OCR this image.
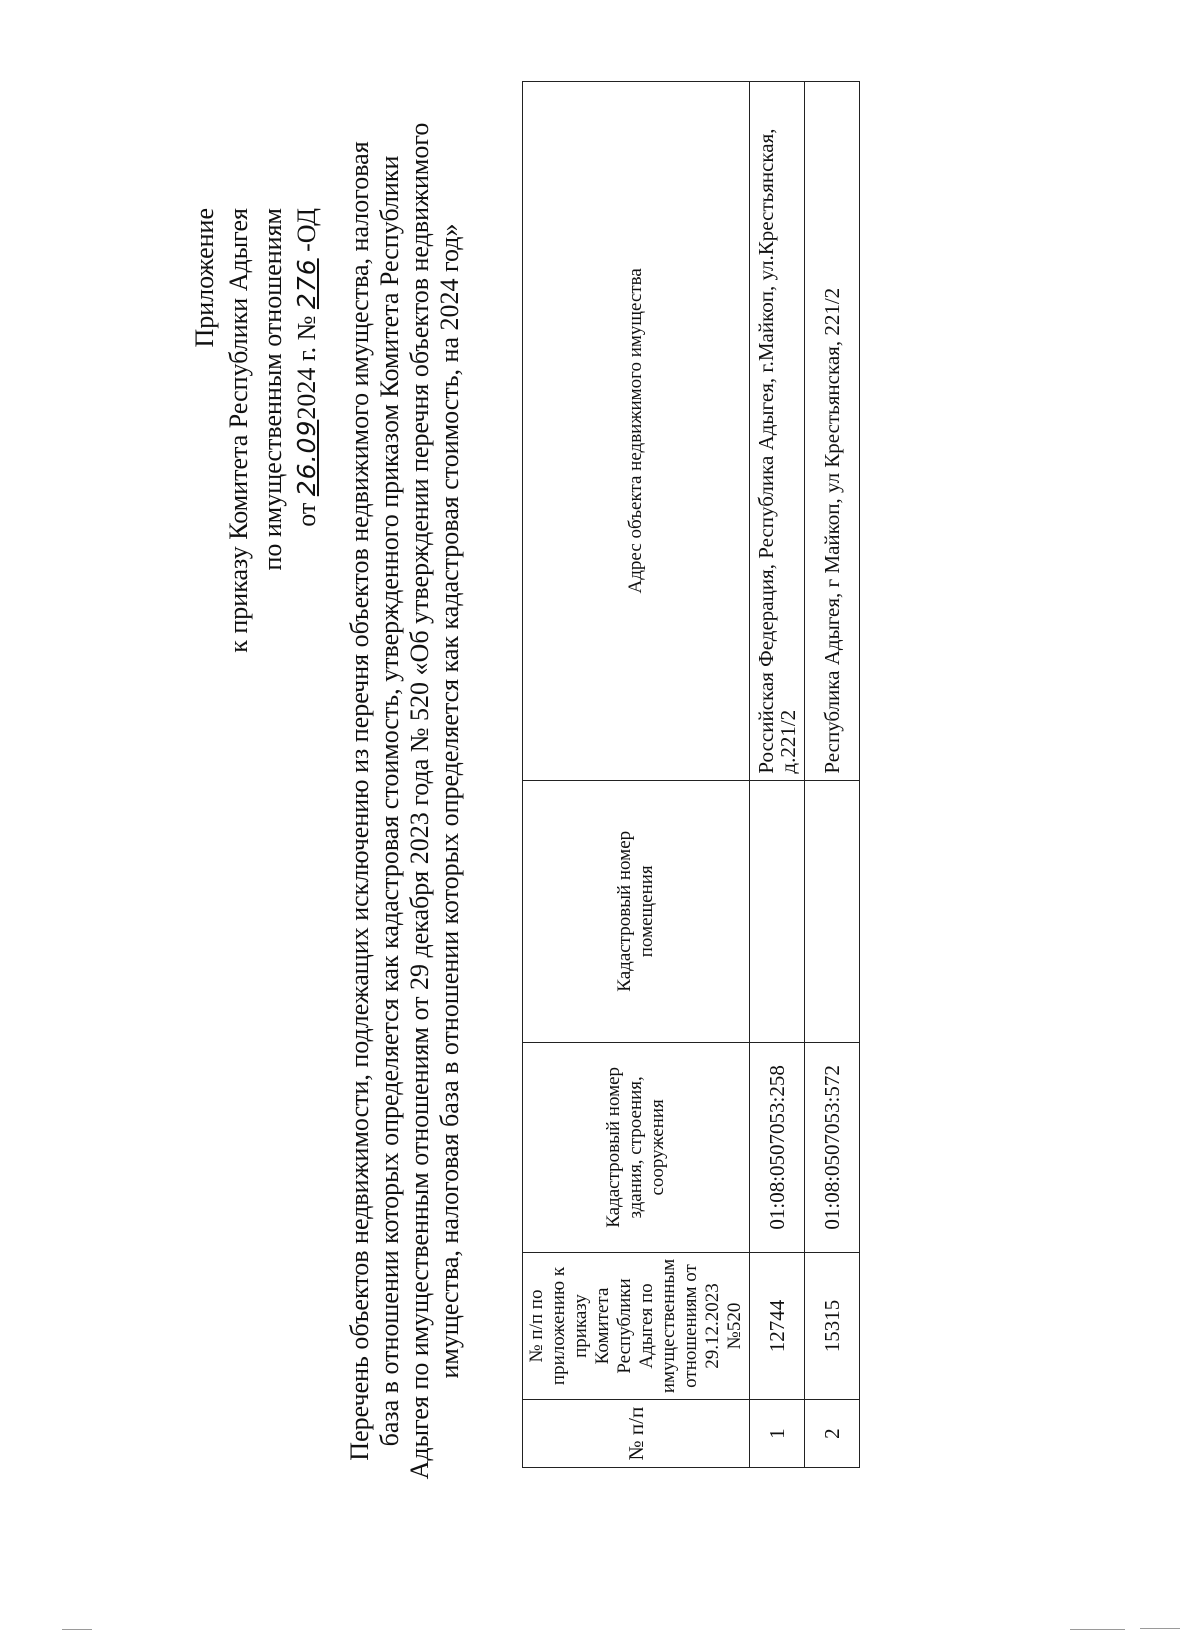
Приложение к приказу Комитета Республики Адыгея по имущественным отношениям от 26.092024 г. № 276 -ОД Перечень объектов недвижимости, подлежащих исключению из перечня объектов недвижимого имущества, налоговая база в отношении которых определяется как кадастровая стоимость, утвержденного приказом Комитета Республики Адыгея по имущественным отношениям от 29 декабря 2023 года № 520 «Об утверждении перечня объектов недвижимого имущества, налоговая база в отношении которых определяется как кадастровая стоимость, на 2024 год»
№ п/п	№ п/п по приложению к приказу Комитета Республики Адыгея по имущественным отношениям от 29.12.2023 №520	Кадастровый номер здания, строения, сооружения	Кадастровый номер помещения	Адрес объекта недвижимого имущества
1	12744	01:08:0507053:258		Российская Федерация, Республика Адыгея, г.Майкоп, ул.Крестьянская, д.221/2
2	15315	01:08:0507053:572		Республика Адыгея, г Майкоп, ул Крестьянская, 221/2
